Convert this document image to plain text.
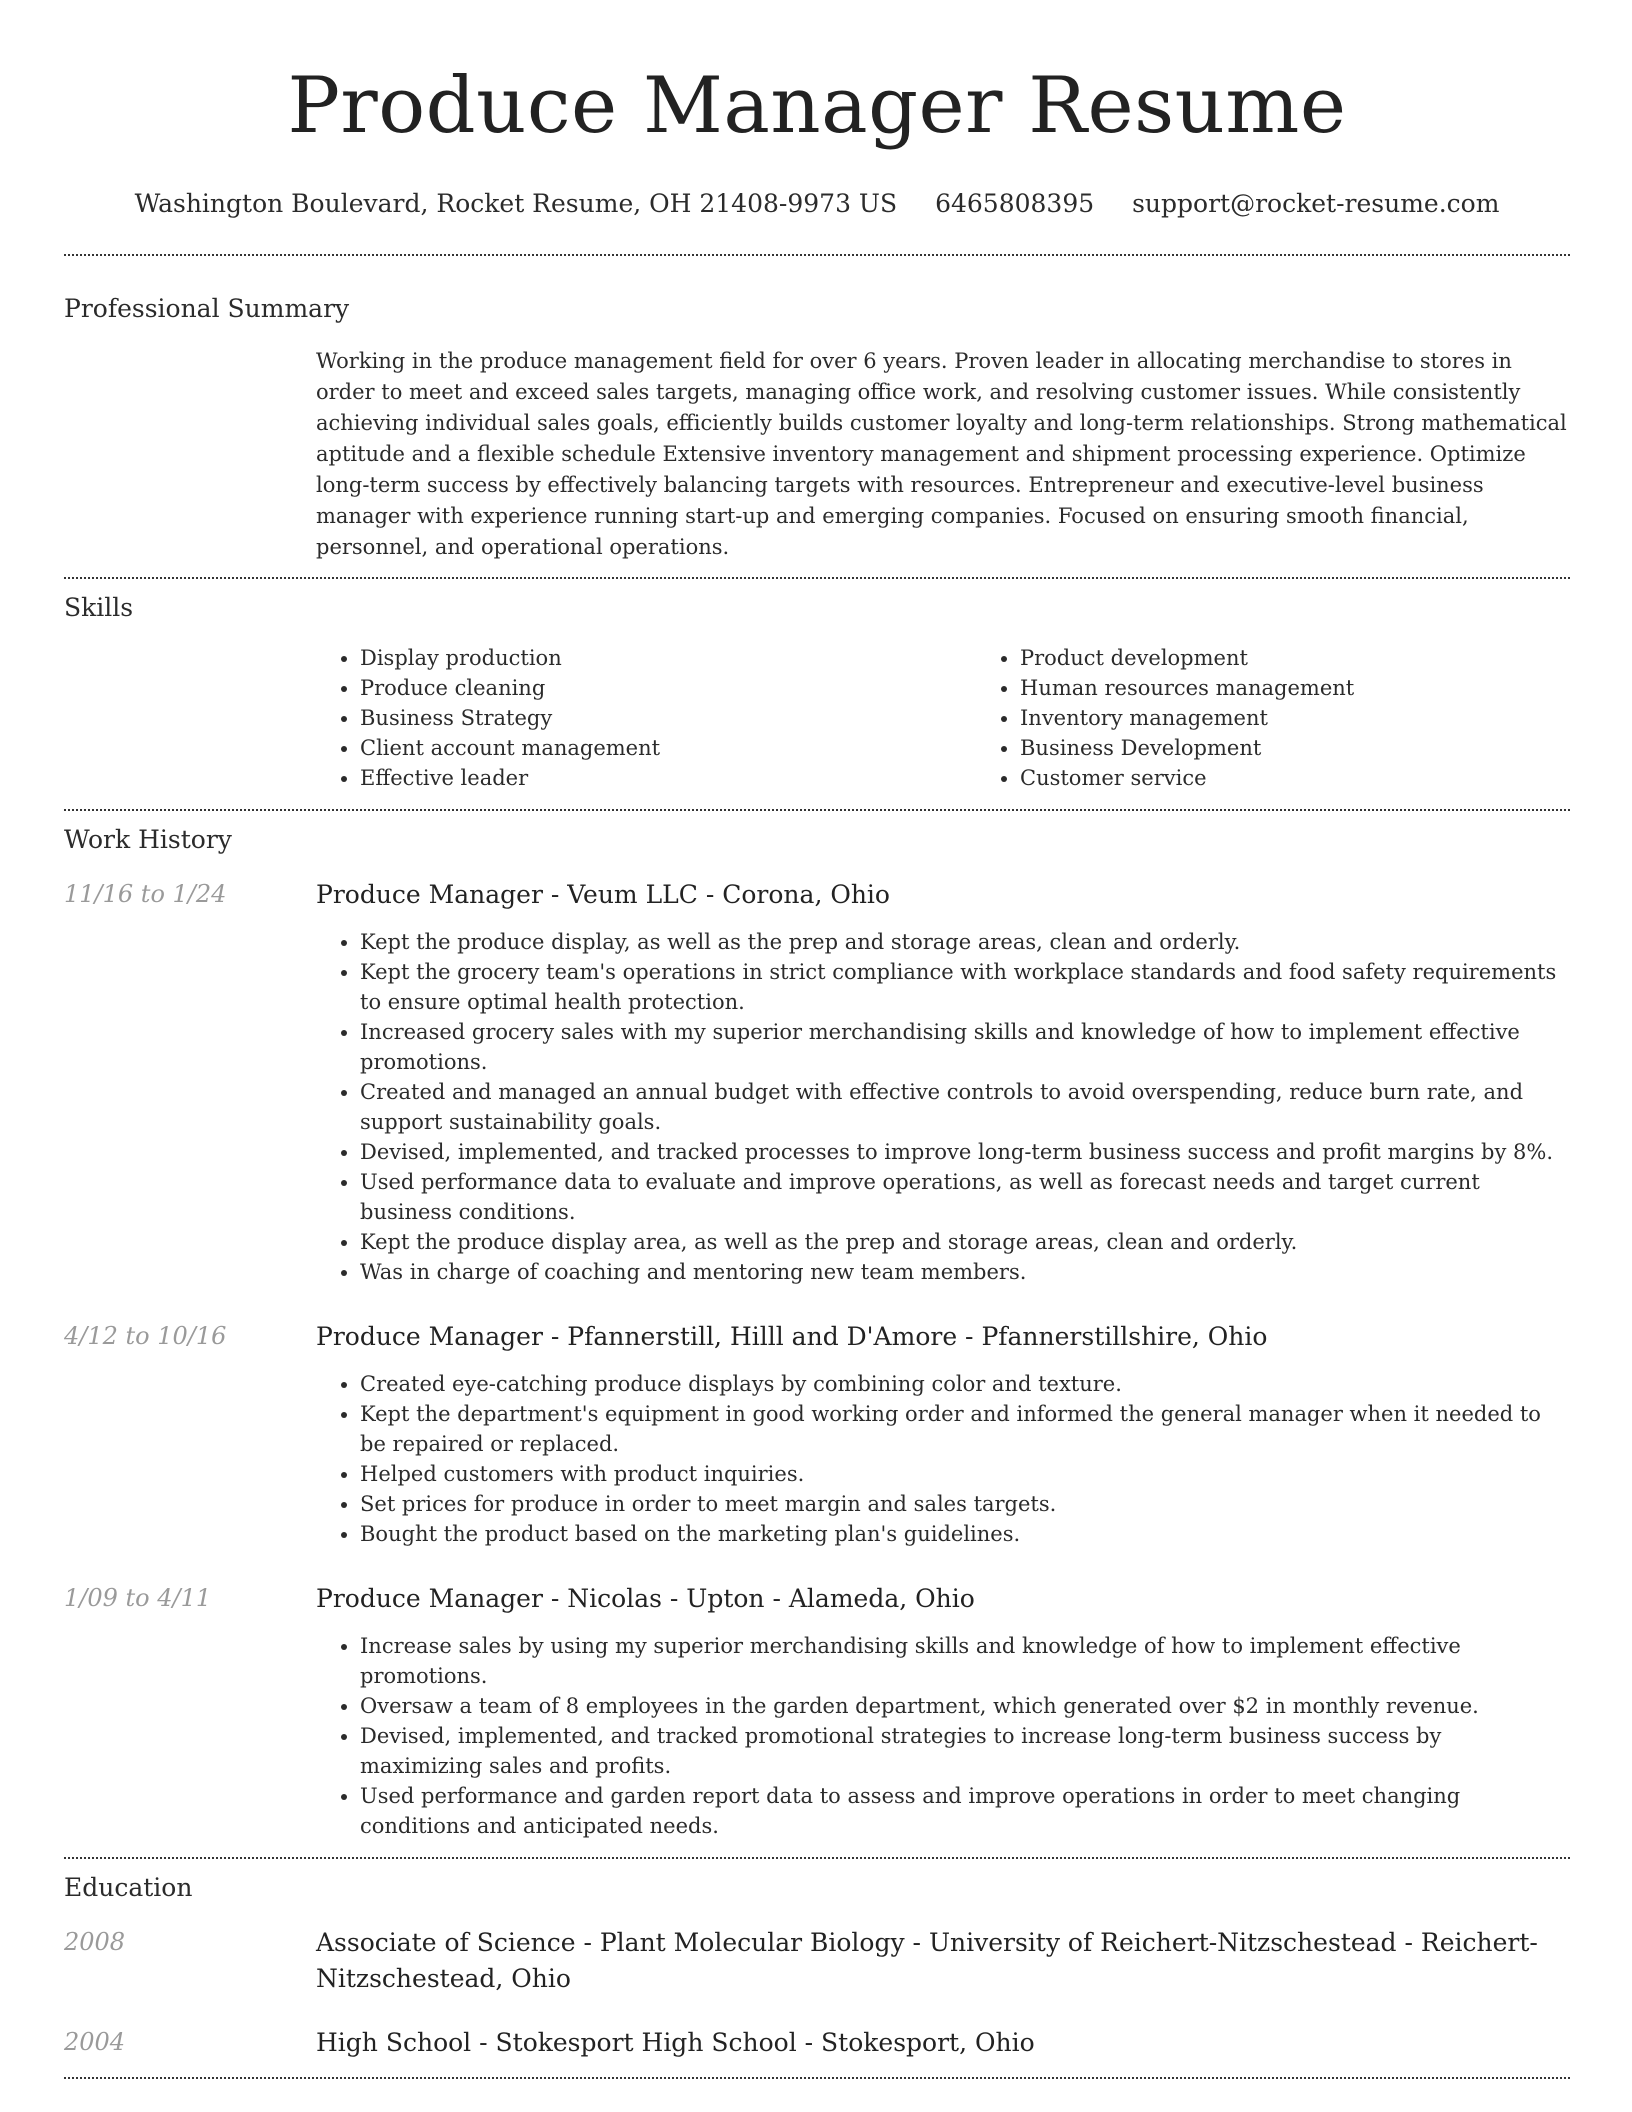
Produce Manager Resume
Washington Boulevard, Rocket Resume, OH 21408-9973 US 6465808395 support@rocket-resume.com
Professional Summary

Working in the produce management field for over 6 years. Proven leader in allocating merchandise to stores in order to meet and exceed sales targets, managing office work, and resolving customer issues. While consistently achieving individual sales goals, efficiently builds customer loyalty and long-term relationships. Strong mathematical aptitude and a flexible schedule Extensive inventory management and shipment processing experience. Optimize long-term success by effectively balancing targets with resources. Entrepreneur and executive-level business manager with experience running start-up and emerging companies. Focused on ensuring smooth financial, personnel, and operational operations.

Skills
• Display production
• Produce cleaning
• Business Strategy
• Client account management
• Effective leader
• Product development
• Human resources management
• Inventory management
• Business Development
• Customer service
Work History
11/16 to 1/24	Produce Manager - Veum LLC - Corona, Ohio
• Kept the produce display, as well as the prep and storage areas, clean and orderly.
• Kept the grocery team's operations in strict compliance with workplace standards and food safety requirements to ensure optimal health protection.
• Increased grocery sales with my superior merchandising skills and knowledge of how to implement effective promotions.
• Created and managed an annual budget with effective controls to avoid overspending, reduce burn rate, and support sustainability goals.
• Devised, implemented, and tracked processes to improve long-term business success and profit margins by 8%.
• Used performance data to evaluate and improve operations, as well as forecast needs and target current business conditions.
• Kept the produce display area, as well as the prep and storage areas, clean and orderly.
• Was in charge of coaching and mentoring new team members.
4/12 to 10/16	Produce Manager - Pfannerstill, Hilll and D'Amore - Pfannerstillshire, Ohio
• Created eye-catching produce displays by combining color and texture.
• Kept the department's equipment in good working order and informed the general manager when it needed to be repaired or replaced.
• Helped customers with product inquiries.
• Set prices for produce in order to meet margin and sales targets.
• Bought the product based on the marketing plan's guidelines.
1/09 to 4/11	Produce Manager - Nicolas - Upton - Alameda, Ohio
• Increase sales by using my superior merchandising skills and knowledge of how to implement effective promotions.
• Oversaw a team of 8 employees in the garden department, which generated over $2 in monthly revenue.
• Devised, implemented, and tracked promotional strategies to increase long-term business success by maximizing sales and profits.
• Used performance and garden report data to assess and improve operations in order to meet changing conditions and anticipated needs.
Education
2008	Associate of Science - Plant Molecular Biology - University of Reichert-Nitzschestead - Reichert-Nitzschestead, Ohio
2004	High School - Stokesport High School - Stokesport, Ohio
